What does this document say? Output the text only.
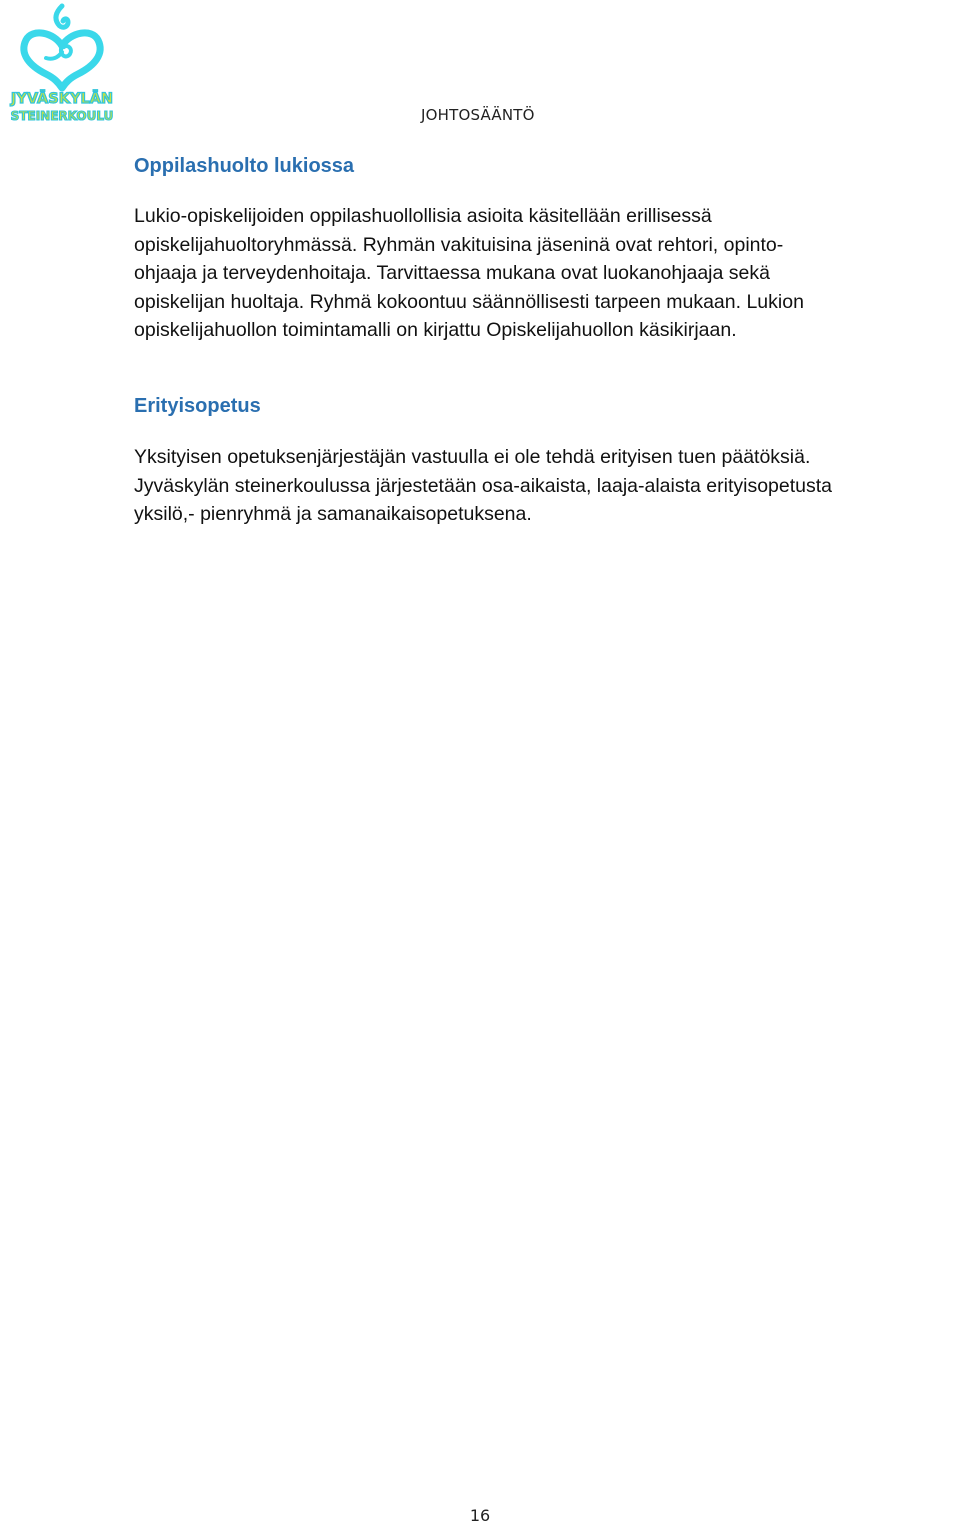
JYVÄSKYLÄN
STEINERKOULU	JOHTOSÄÄNTÖ
Oppilashuolto lukiossa

Lukio-opiskelijoiden oppilashuollollisia asioita käsitellään erillisessä
opiskelijahuoltoryhmässä. Ryhmän vakituisina jäseninä ovat rehtori, opinto-
ohjaaja ja terveydenhoitaja. Tarvittaessa mukana ovat luokanohjaaja sekä
opiskelijan huoltaja. Ryhmä kokoontuu säännöllisesti tarpeen mukaan. Lukion
opiskelijahuollon toimintamalli on kirjattu Opiskelijahuollon käsikirjaan.

Erityisopetus

Yksityisen opetuksenjärjestäjän vastuulla ei ole tehdä erityisen tuen päätöksiä.
Jyväskylän steinerkoulussa järjestetään osa-aikaista, laaja-alaista erityisopetusta
yksilö,- pienryhmä ja samanaikaisopetuksena.

16
